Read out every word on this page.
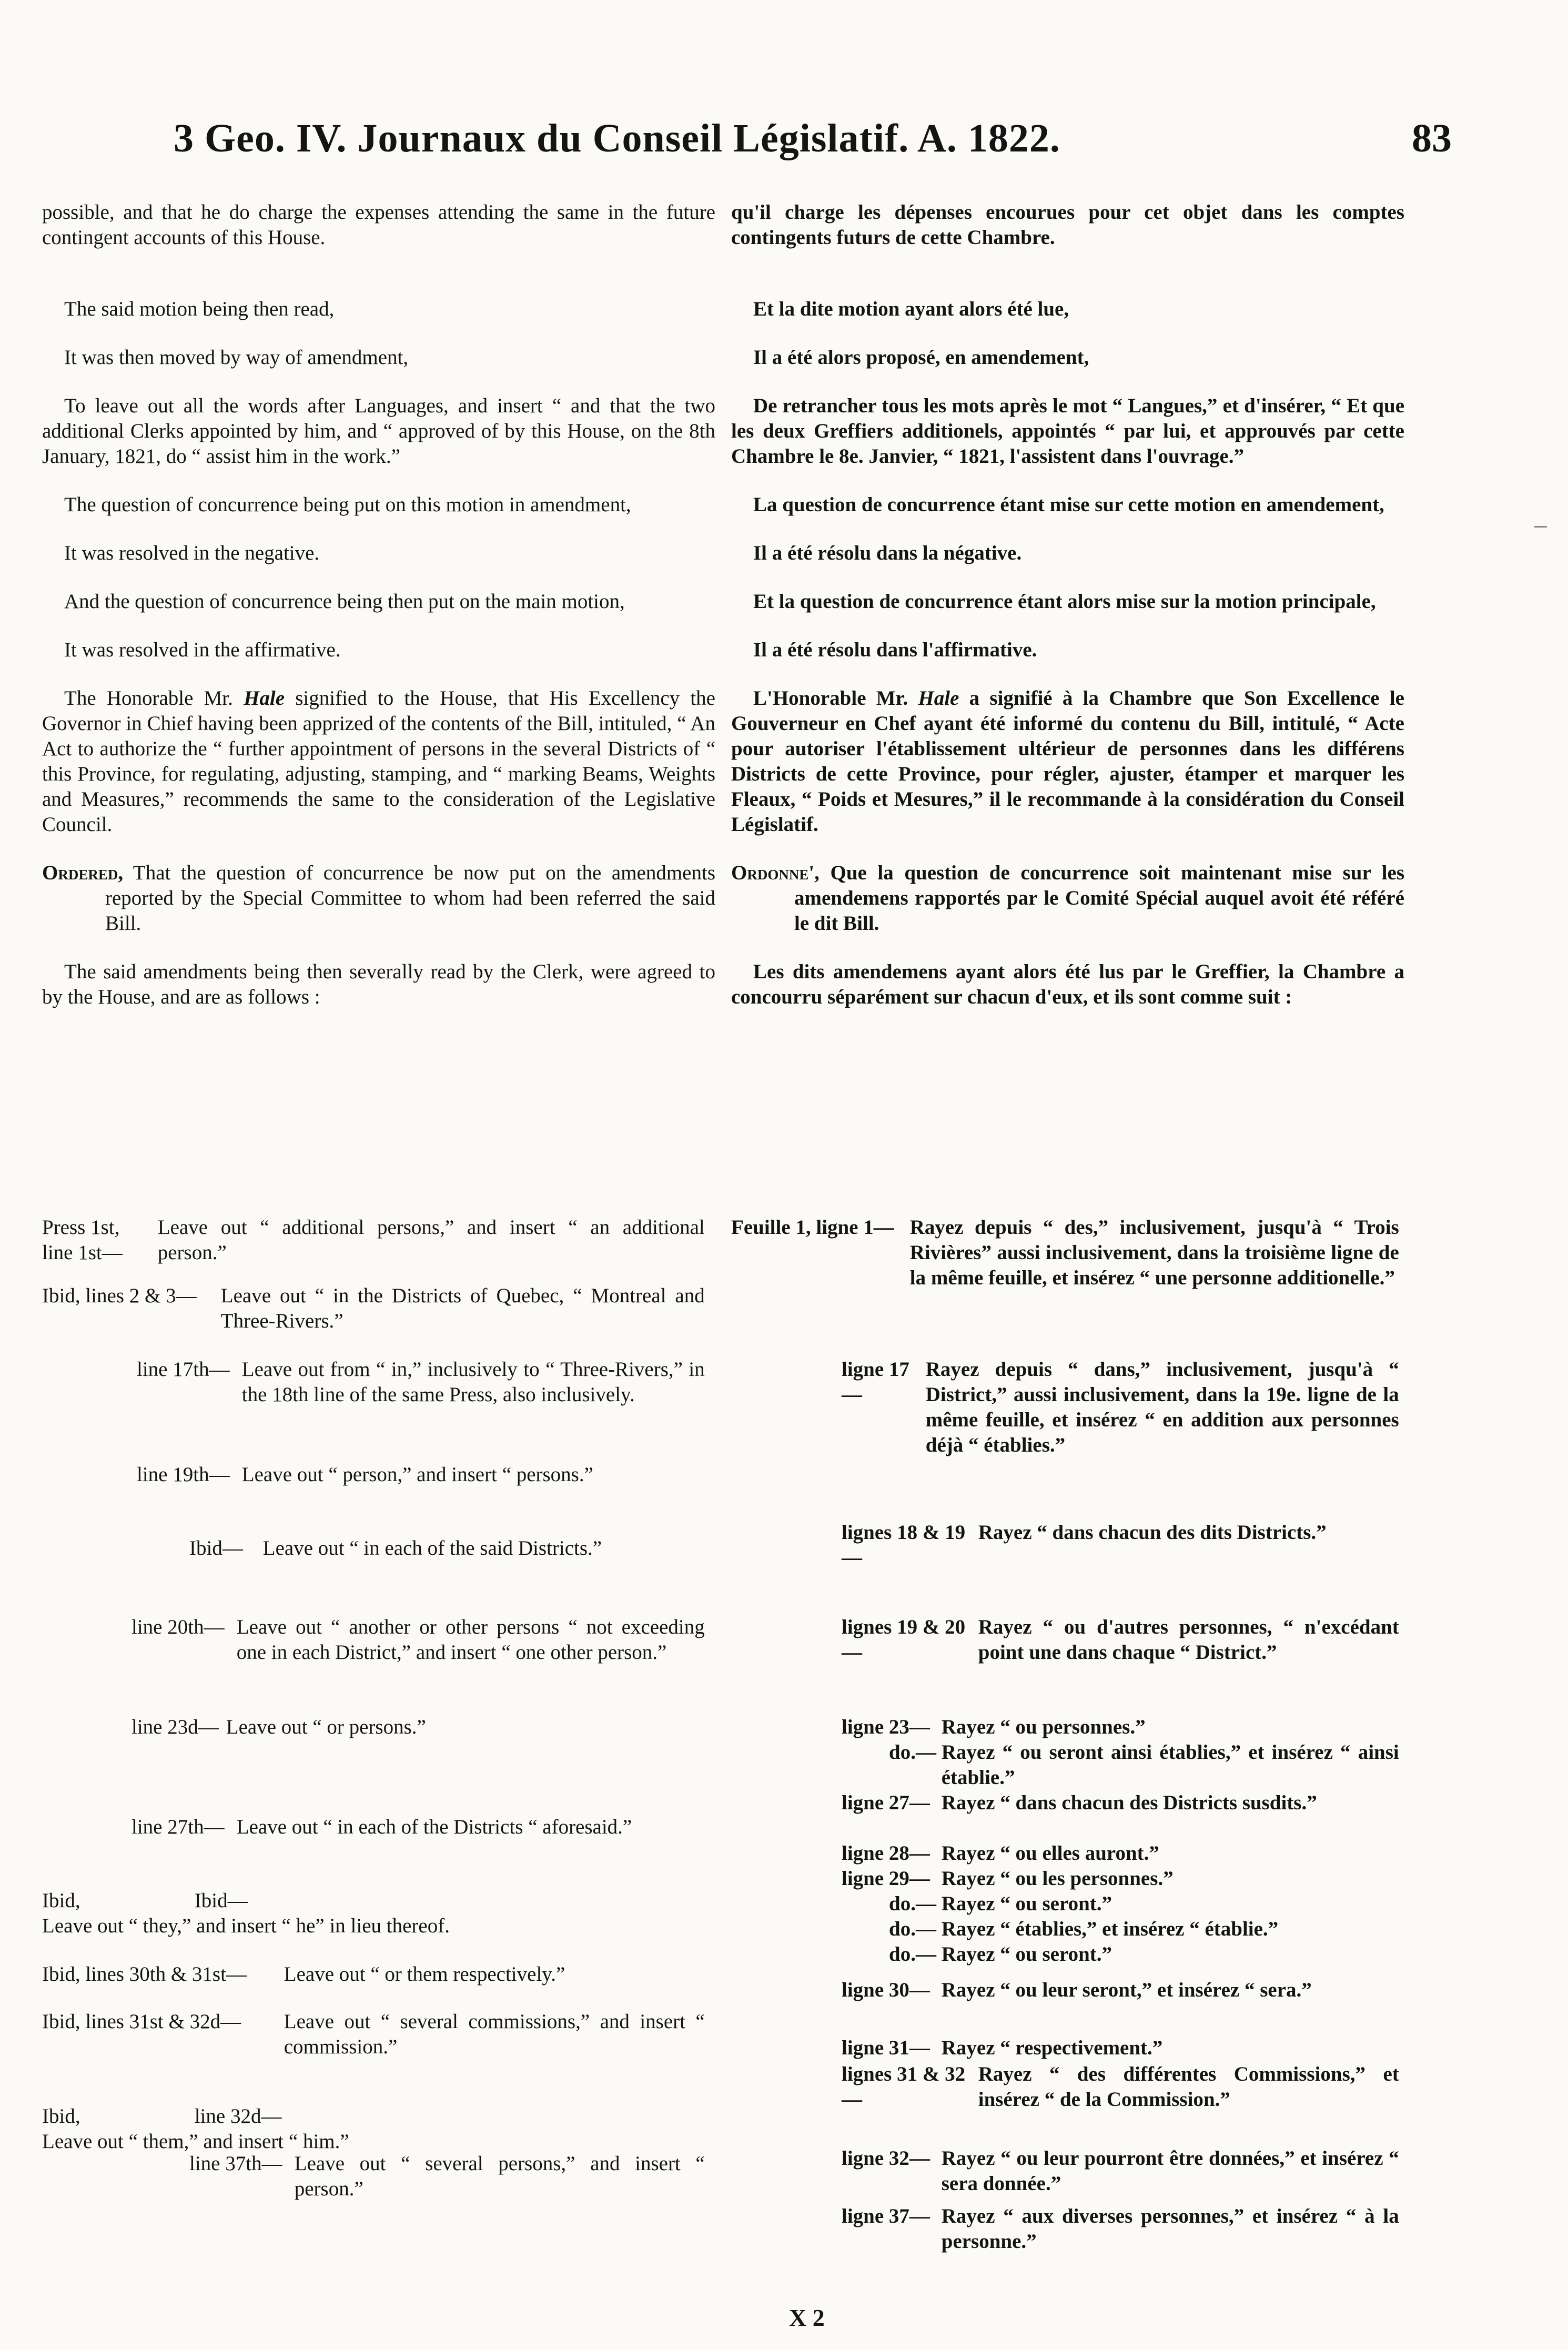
3 Geo. IV. Journaux du Conseil Législatif. A. 1822.	83

possible, and that he do charge the expenses attending the same in the future contingent accounts of this House.

The said motion being then read,

It was then moved by way of amendment,

To leave out all the words after Languages, and insert “ and that the two additional Clerks appointed by him, and “ approved of by this House, on the 8th January, 1821, do “ assist him in the work.”

The question of concurrence being put on this motion in amendment,

It was resolved in the negative.

And the question of concurrence being then put on the main motion,

It was resolved in the affirmative.

The Honorable Mr. Hale signified to the House, that His Excellency the Governor in Chief having been apprized of the contents of the Bill, intituled, “ An Act to authorize the “ further appointment of persons in the several Districts of “ this Province, for regulating, adjusting, stamping, and “ marking Beams, Weights and Measures,” recommends the same to the consideration of the Legislative Council.

Ordered, That the question of concurrence be now put on the amendments reported by the Special Committee to whom had been referred the said Bill.

The said amendments being then severally read by the Clerk, were agreed to by the House, and are as follows :

qu'il charge les dépenses encourues pour cet objet dans les comptes contingents futurs de cette Chambre.

Et la dite motion ayant alors été lue,

Il a été alors proposé, en amendement,

De retrancher tous les mots après le mot “ Langues,” et d'insérer, “ Et que les deux Greffiers additionels, appointés “ par lui, et approuvés par cette Chambre le 8e. Janvier, “ 1821, l'assistent dans l'ouvrage.”

La question de concurrence étant mise sur cette motion en amendement,

Il a été résolu dans la négative.

Et la question de concurrence étant alors mise sur la motion principale,

Il a été résolu dans l'affirmative.

L'Honorable Mr. Hale a signifié à la Chambre que Son Excellence le Gouverneur en Chef ayant été informé du contenu du Bill, intitulé, “ Acte pour autoriser l'établissement ultérieur de personnes dans les différens Districts de cette Province, pour régler, ajuster, étamper et marquer les Fleaux, “ Poids et Mesures,” il le recommande à la considération du Conseil Législatif.

Ordonne', Que la question de concurrence soit maintenant mise sur les amendemens rapportés par le Comité Spécial auquel avoit été référé le dit Bill.

Les dits amendemens ayant alors été lus par le Greffier, la Chambre a concourru séparément sur chacun d'eux, et ils sont comme suit :

Press 1st, line 1st— Leave out “ additional persons,” and insert “ an additional person.”
Ibid, lines 2 & 3— Leave out “ in the Districts of Quebec, “ Montreal and Three-Rivers.”
line 17th— Leave out from “ in,” inclusively to “ Three-Rivers,” in the 18th line of the same Press, also inclusively.
line 19th— Leave out “ person,” and insert “ persons.”
Ibid— Leave out “ in each of the said Districts.”
line 20th— Leave out “ another or other persons “ not exceeding one in each District,” and insert “ one other person.”
line 23d— Leave out “ or persons.”
line 27th— Leave out “ in each of the Districts “ aforesaid.”
Ibid,	Ibid— Leave out “ they,” and insert “ he” in lieu thereof.
Ibid, lines 30th & 31st— Leave out “ or them respectively.”
Ibid, lines 31st & 32d— Leave out “ several commissions,” and insert “ commission.”
Ibid,	line 32d— Leave out “ them,” and insert “ him.”
line 37th— Leave out “ several persons,” and insert “ person.”
Feuille 1, ligne 1— Rayez depuis “ des,” inclusivement, jusqu'à “ Trois Rivières” aussi inclusivement, dans la troisième ligne de la même feuille, et insérez “ une personne additionelle.”
ligne 17— Rayez depuis “ dans,” inclusivement, jusqu'à “ District,” aussi inclusivement, dans la 19e. ligne de la même feuille, et insérez “ en addition aux personnes déjà “ établies.”
lignes 18 & 19— Rayez “ dans chacun des dits Districts.”
lignes 19 & 20— Rayez “ ou d'autres personnes, “ n'excédant point une dans chaque “ District.”
ligne 23— Rayez “ ou personnes.”
do.— Rayez “ ou seront ainsi établies,” et insérez “ ainsi établie.”
ligne 27— Rayez “ dans chacun des Districts susdits.”
ligne 28— Rayez “ ou elles auront.”
ligne 29— Rayez “ ou les personnes.”
do.— Rayez “ ou seront.”
do.— Rayez “ établies,” et insérez “ établie.”
do.— Rayez “ ou seront.”
ligne 30— Rayez “ ou leur seront,” et insérez “ sera.”
ligne 31— Rayez “ respectivement.”
lignes 31 & 32— Rayez “ des différentes Commissions,” et insérez “ de la Commission.”
ligne 32— Rayez “ ou leur pourront être données,” et insérez “ sera donnée.”
ligne 37— Rayez “ aux diverses personnes,” et insérez “ à la personne.”
X 2
